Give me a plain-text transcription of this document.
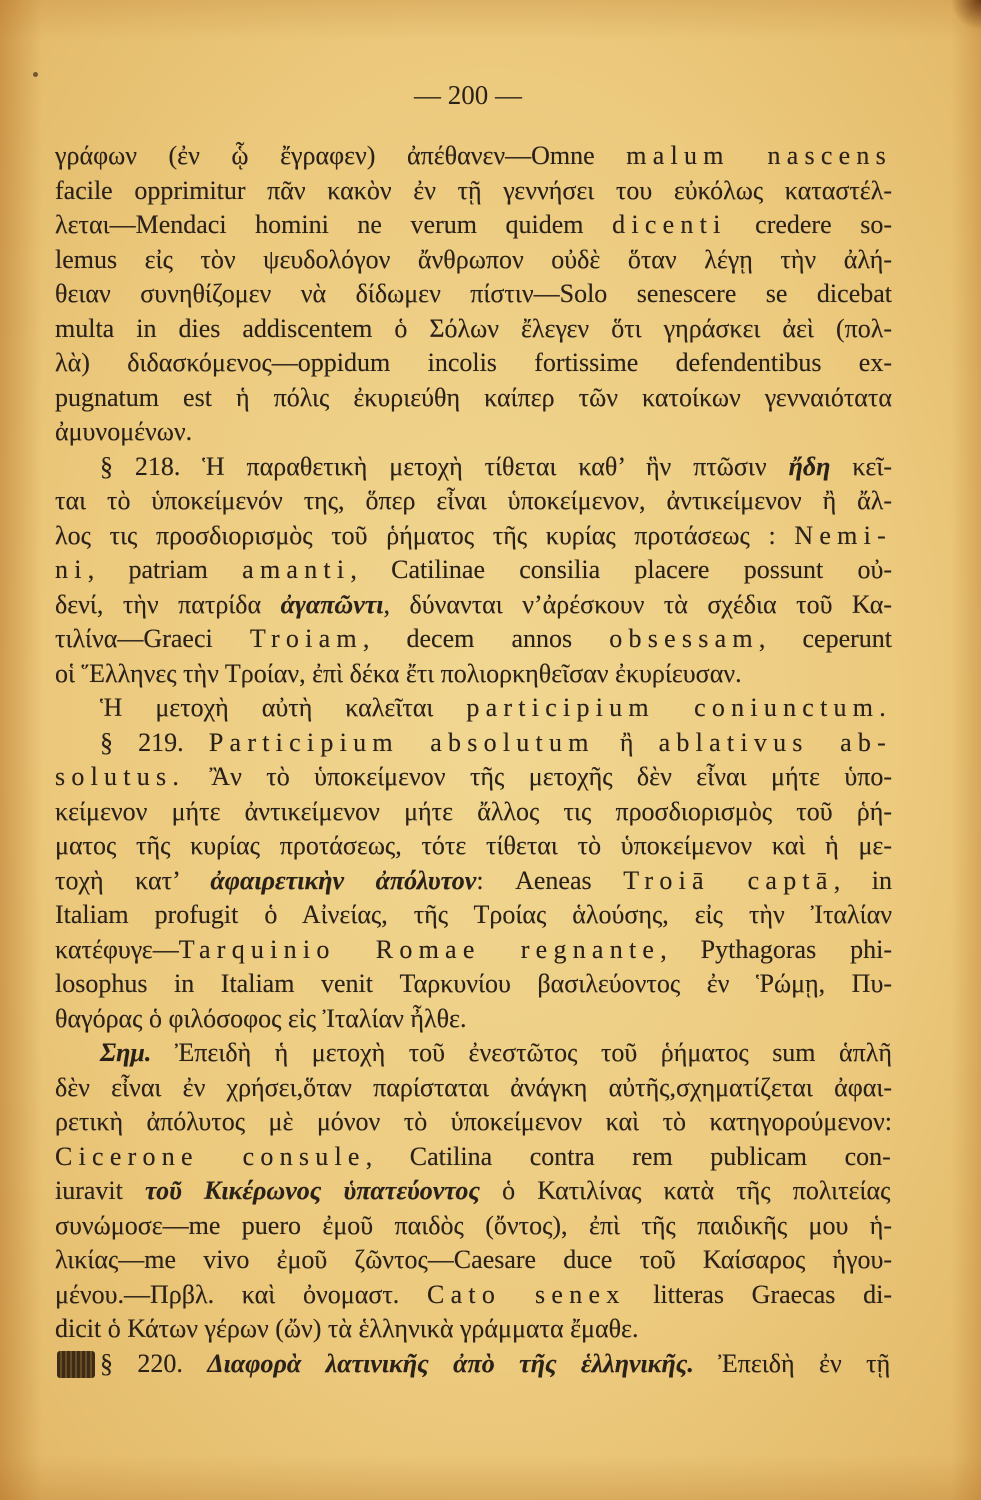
— 200 —
γράφων (ἐν ᾧ ἔγραφεν) ἀπέθανεν—Omne malum nascens
facile opprimitur πᾶν κακὸν ἐν τῇ γεννήσει του εὐκόλως καταστέλ-
λεται—Mendaci homini ne verum quidem dicenti credere so-
lemus εἰς τὸν ψευδολόγον ἄνθρωπον οὐδὲ ὅταν λέγῃ τὴν ἀλή-
θειαν συνηθίζομεν νὰ δίδωμεν πίστιν—Solo senescere se dicebat
multa in dies addiscentem ὁ Σόλων ἔλεγεν ὅτι γηράσκει ἀεὶ (πολ-
λὰ) διδασκόμενος—oppidum incolis fortissime defendentibus ex-
pugnatum est ἡ πόλις ἐκυριεύθη καίπερ τῶν κατοίκων γενναιότατα
ἀμυνομένων.
§ 218. Ἡ παραθετικὴ μετοχὴ τίθεται καθ’ ἣν πτῶσιν ἤδη κεῖ-
ται τὸ ὑποκείμενόν της, ὅπερ εἶναι ὑποκείμενον, ἀντικείμενον ἢ ἄλ-
λος τις προσδιορισμὸς τοῦ ῥήματος τῆς κυρίας προτάσεως : Nemi-
ni, patriam amanti, Catilinae consilia placere possunt οὐ-
δενί, τὴν πατρίδα ἀγαπῶντι, δύνανται ν’ἀρέσκουν τὰ σχέδια τοῦ Κα-
τιλίνα—Graeci Troiam, decem annos obsessam, ceperunt
οἱ Ἕλληνες τὴν Τροίαν, ἐπὶ δέκα ἔτι πολιορκηθεῖσαν ἐκυρίευσαν.
Ἡ μετοχὴ αὐτὴ καλεῖται participium coniunctum.
§ 219. Participium absolutum ἢ ablativus ab-
solutus. Ἂν τὸ ὑποκείμενον τῆς μετοχῆς δὲν εἶναι μήτε ὑπο-
κείμενον μήτε ἀντικείμενον μήτε ἄλλος τις προσδιορισμὸς τοῦ ῥή-
ματος τῆς κυρίας προτάσεως, τότε τίθεται τὸ ὑποκείμενον καὶ ἡ με-
τοχὴ κατ’ ἀφαιρετικὴν ἀπόλυτον: Aeneas Troiā captā, in
Italiam profugit ὁ Αἰνείας, τῆς Τροίας ἁλούσης, εἰς τὴν Ἰταλίαν
κατέφυγε—Tarquinio Romae regnante, Pythagoras phi-
losophus in Italiam venit Ταρκυνίου βασιλεύοντος ἐν Ῥώμῃ, Πυ-
θαγόρας ὁ φιλόσοφος εἰς Ἰταλίαν ἦλθε.
Σημ. Ἐπειδὴ ἡ μετοχὴ τοῦ ἐνεστῶτος τοῦ ῥήματος sum ἁπλῆ
δὲν εἶναι ἐν χρήσει,ὅταν παρίσταται ἀνάγκη αὐτῆς,σχηματίζεται ἀφαι-
ρετικὴ ἀπόλυτος μὲ μόνον τὸ ὑποκείμενον καὶ τὸ κατηγορούμενον:
Cicerone consule, Catilina contra rem publicam con-
iuravit τοῦ Κικέρωνος ὑπατεύοντος ὁ Κατιλίνας κατὰ τῆς πολιτείας
συνώμοσε—me puero ἐμοῦ παιδὸς (ὄντος), ἐπὶ τῆς παιδικῆς μου ἡ-
λικίας—me vivo ἐμοῦ ζῶντος—Caesare duce τοῦ Καίσαρος ἡγου-
μένου.—Πρβλ. καὶ ὀνομαστ. Cato senex litteras Graecas di-
dicit ὁ Κάτων γέρων (ὤν) τὰ ἑλληνικὰ γράμματα ἔμαθε.
§ 220. Διαφορὰ λατινικῆς ἀπὸ τῆς ἑλληνικῆς. Ἐπειδὴ ἐν τῇ
